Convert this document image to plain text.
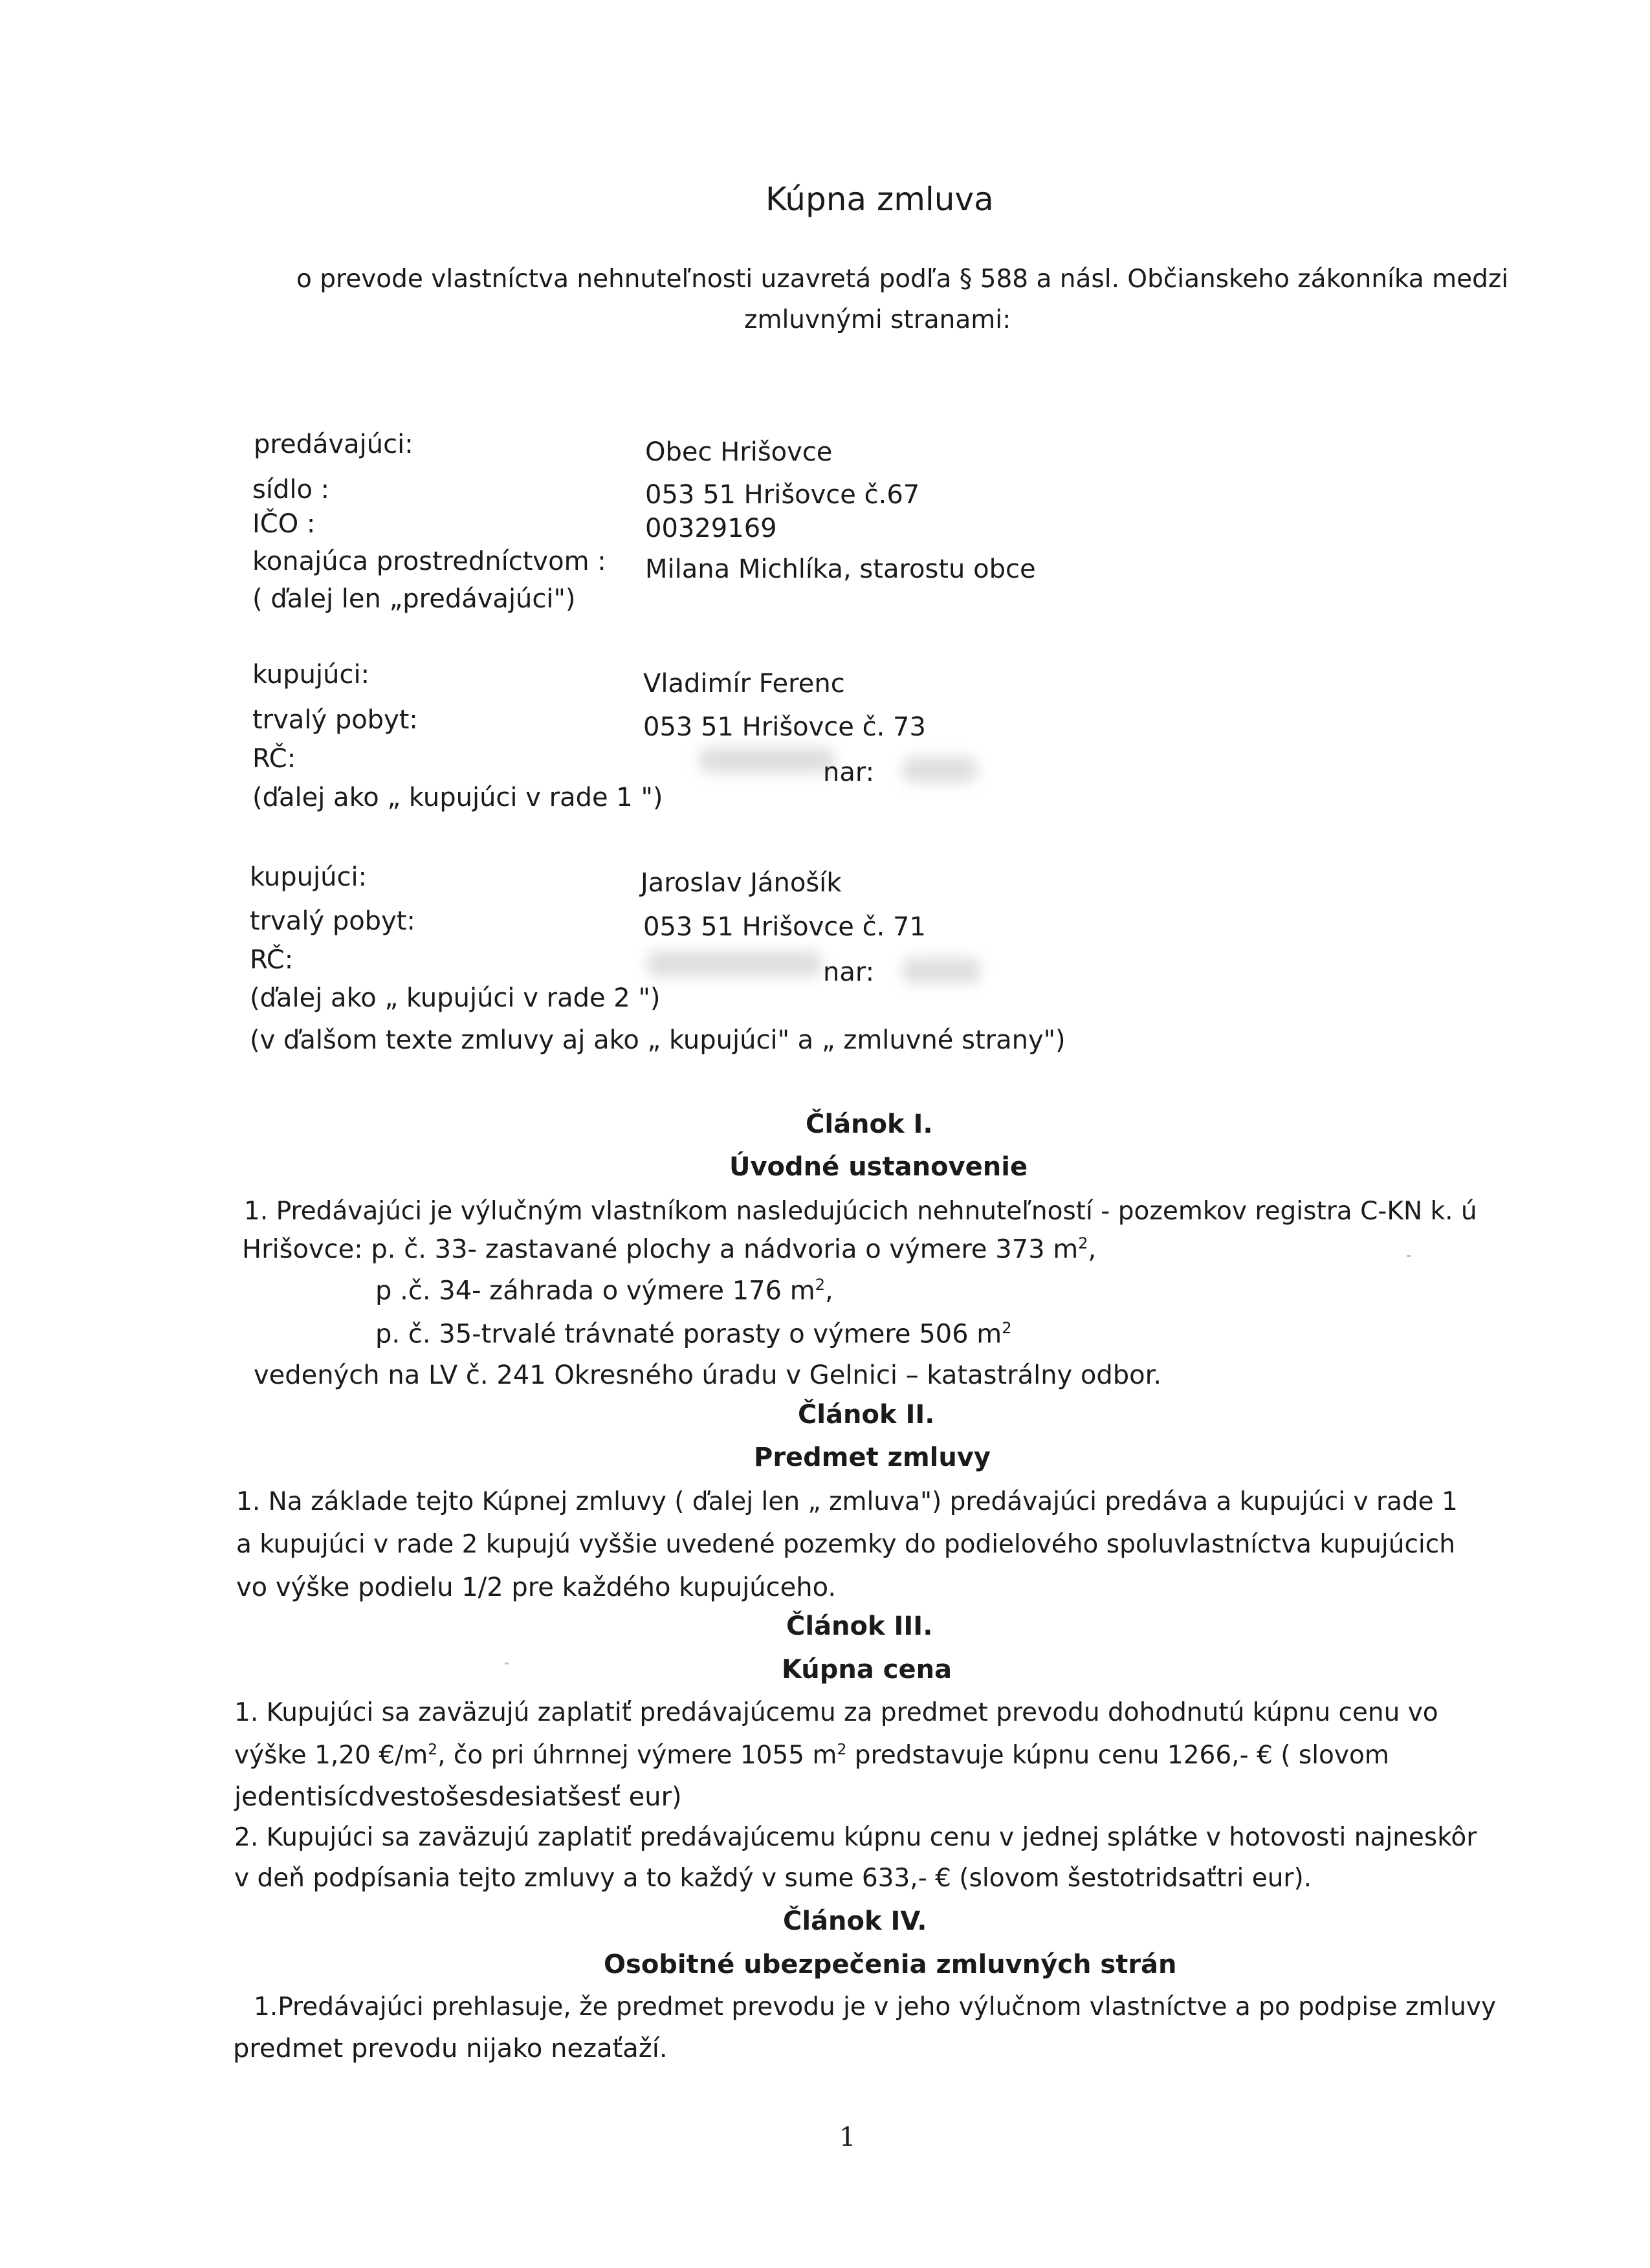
Kúpna zmluva
o prevode vlastníctva nehnuteľnosti uzavretá podľa § 588 a násl. Občianskeho zákonníka medzi
zmluvnými stranami:
predávajúci:	Obec Hrišovce
sídlo :	053 51 Hrišovce č.67
IČO :	00329169
konajúca prostredníctvom : Milana Michlíka, starostu obce
( ďalej len „predávajúci")
kupujúci:	Vladimír Ferenc
trvalý pobyt:	053 51 Hrišovce č. 73
RČ:	nar:
(ďalej ako „ kupujúci v rade 1 ")
kupujúci:	Jaroslav Jánošík
trvalý pobyt:	053 51 Hrišovce č. 71
RČ:	nar:
(ďalej ako „ kupujúci v rade 2 ")
(v ďalšom texte zmluvy aj ako „ kupujúci" a „ zmluvné strany")
Článok I.
Úvodné ustanovenie
1. Predávajúci je výlučným vlastníkom nasledujúcich nehnuteľností - pozemkov registra C-KN k. ú
Hrišovce: p. č. 33- zastavané plochy a nádvoria o výmere 373 $m^2$,
p .č. 34- záhrada o výmere 176 $m^2$,
p. č. 35-trvalé trávnaté porasty o výmere 506 $m^2$
vedených na LV č. 241 Okresného úradu v Gelnici – katastrálny odbor.
Článok II.
Predmet zmluvy
1. Na základe tejto Kúpnej zmluvy ( ďalej len „ zmluva") predávajúci predáva a kupujúci v rade 1
a kupujúci v rade 2 kupujú vyššie uvedené pozemky do podielového spoluvlastníctva kupujúcich
vo výške podielu 1/2 pre každého kupujúceho.
Článok III.
Kúpna cena
1. Kupujúci sa zaväzujú zaplatiť predávajúcemu za predmet prevodu dohodnutú kúpnu cenu vo
výške 1,20 $€/m^2$, čo pri úhrnnej výmere 1055 $m^2$ predstavuje kúpnu cenu 1266,- € ( slovom
jedentisícdvestošesdesiatšesť eur)
2. Kupujúci sa zaväzujú zaplatiť predávajúcemu kúpnu cenu v jednej splátke v hotovosti najneskôr
v deň podpísania tejto zmluvy a to každý v sume 633,- € (slovom šestotridsaťtri eur).
Článok IV.
Osobitné ubezpečenia zmluvných strán
1.Predávajúci prehlasuje, že predmet prevodu je v jeho výlučnom vlastníctve a po podpise zmluvy
predmet prevodu nijako nezaťaží.
1
